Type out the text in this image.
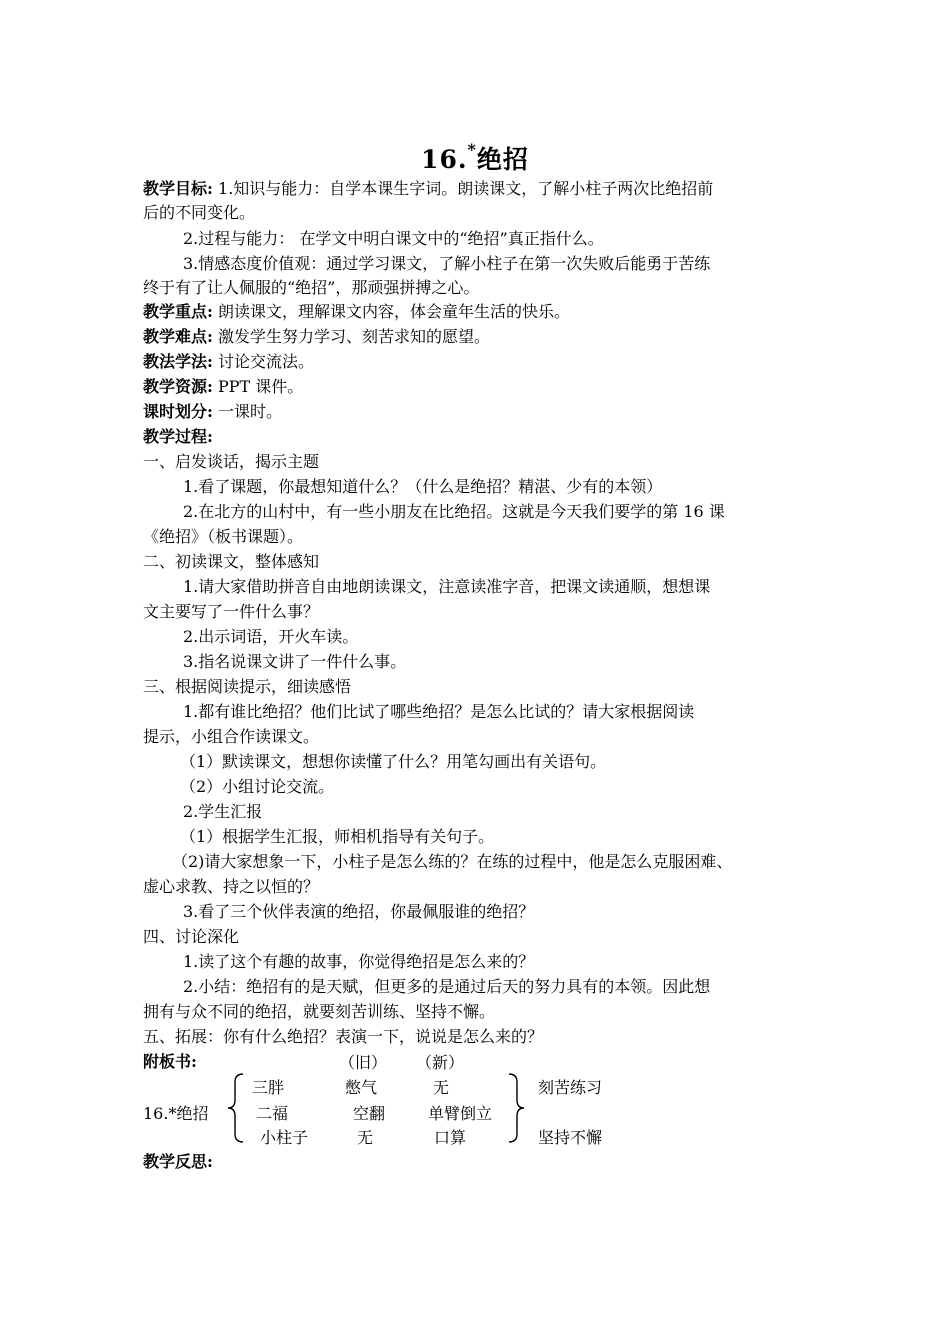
16.*绝招
教学目标: 1.知识与能力：自学本课生字词。朗读课文，了解小柱子两次比绝招前
后的不同变化。
2.过程与能力： 在学文中明白课文中的“绝招”真正指什么。
3.情感态度价值观：通过学习课文，了解小柱子在第一次失败后能勇于苦练
终于有了让人佩服的“绝招”，那顽强拼搏之心。
教学重点: 朗读课文，理解课文内容，体会童年生活的快乐。
教学难点: 激发学生努力学习、刻苦求知的愿望。
教法学法: 讨论交流法。
教学资源: PPT 课件。
课时划分: 一课时。
教学过程:
一、启发谈话，揭示主题
1.看了课题，你最想知道什么？（什么是绝招？精湛、少有的本领）
2.在北方的山村中，有一些小朋友在比绝招。这就是今天我们要学的第 16 课
《绝招》（板书课题）。
二、初读课文，整体感知
1.请大家借助拼音自由地朗读课文，注意读准字音，把课文读通顺，想想课
文主要写了一件什么事？
2.出示词语，开火车读。
3.指名说课文讲了一件什么事。
三、根据阅读提示，细读感悟
1.都有谁比绝招？他们比试了哪些绝招？是怎么比试的？请大家根据阅读
提示，小组合作读课文。
（1）默读课文，想想你读懂了什么？用笔勾画出有关语句。
（2）小组讨论交流。
2.学生汇报
（1）根据学生汇报，师相机指导有关句子。
（2)请大家想象一下，小柱子是怎么练的？在练的过程中，他是怎么克服困难、
虚心求教、持之以恒的？
3.看了三个伙伴表演的绝招，你最佩服谁的绝招？
四、讨论深化
1.读了这个有趣的故事，你觉得绝招是怎么来的？
2.小结：绝招有的是天赋，但更多的是通过后天的努力具有的本领。因此想
拥有与众不同的绝招，就要刻苦训练、坚持不懈。
五、拓展：你有什么绝招？表演一下，说说是怎么来的？
附板书:	（旧） （新）
16.*绝招
三胖	憋气	无
二福	空翻	单臂倒立
小柱子	无	口算
刻苦练习
坚持不懈
教学反思:
